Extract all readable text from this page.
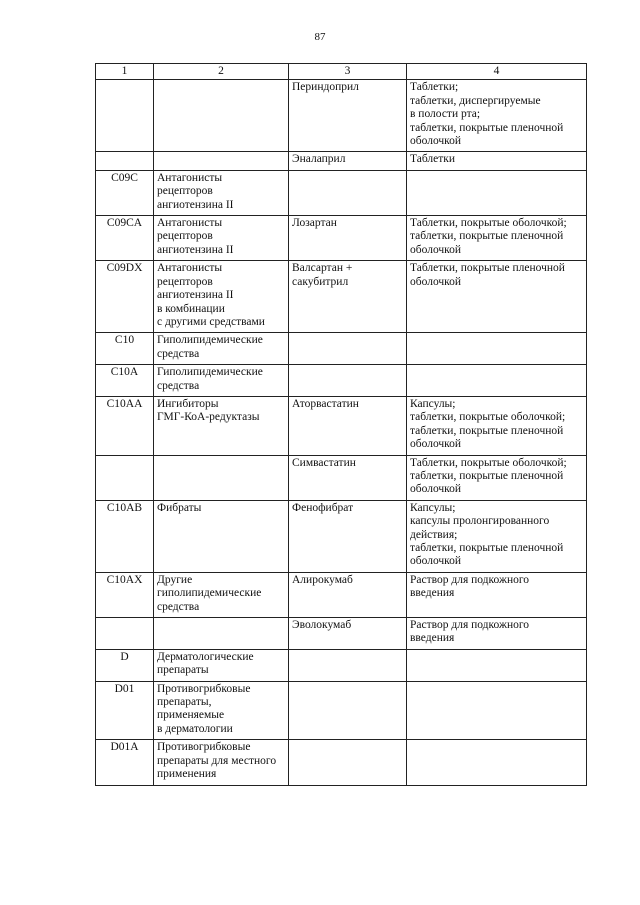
87
1	2	3	4
		Периндоприл	Таблетки;
таблетки, диспергируемые
в полости рта;
таблетки, покрытые пленочной
оболочкой
		Эналаприл	Таблетки
C09C	Антагонисты
рецепторов
ангиотензина II		
C09CA	Антагонисты
рецепторов
ангиотензина II	Лозартан	Таблетки, покрытые оболочкой;
таблетки, покрытые пленочной
оболочкой
C09DX	Антагонисты
рецепторов
ангиотензина II
в комбинации
с другими средствами	Валсартан +
сакубитрил	Таблетки, покрытые пленочной
оболочкой
C10	Гиполипидемические
средства		
C10A	Гиполипидемические
средства		
C10AA	Ингибиторы
ГМГ-КоА-редуктазы	Аторвастатин	Капсулы;
таблетки, покрытые оболочкой;
таблетки, покрытые пленочной
оболочкой
		Симвастатин	Таблетки, покрытые оболочкой;
таблетки, покрытые пленочной
оболочкой
C10AB	Фибраты	Фенофибрат	Капсулы;
капсулы пролонгированного
действия;
таблетки, покрытые пленочной
оболочкой
C10AX	Другие
гиполипидемические
средства	Алирокумаб	Раствор для подкожного
введения
		Эволокумаб	Раствор для подкожного
введения
D	Дерматологические
препараты		
D01	Противогрибковые
препараты,
применяемые
в дерматологии		
D01A	Противогрибковые
препараты для местного
применения		
